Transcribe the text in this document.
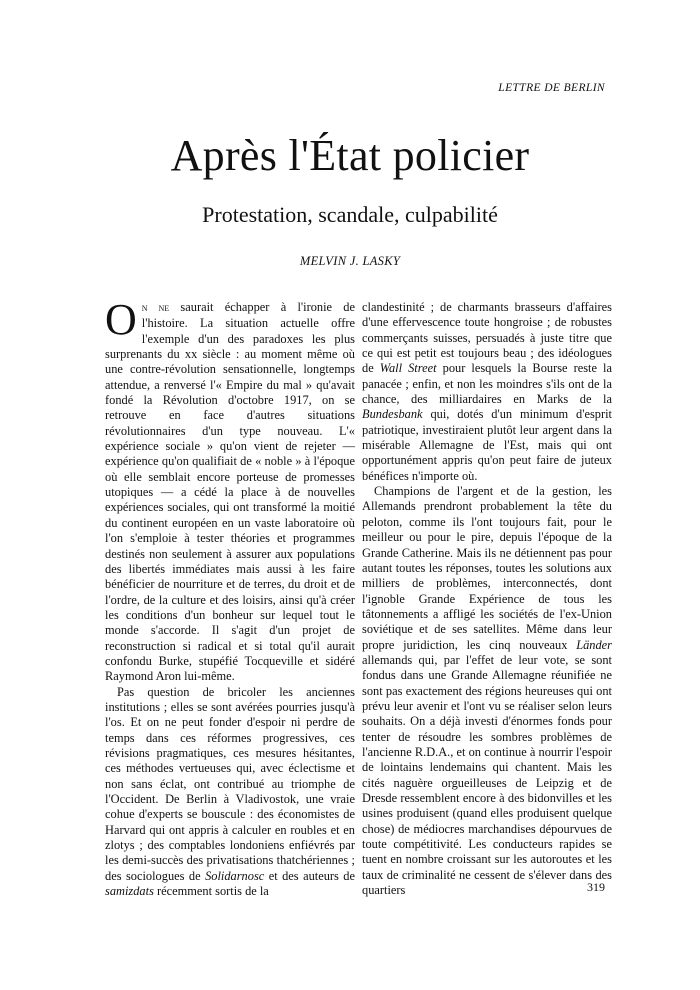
LETTRE DE BERLIN
Après l'État policier
Protestation, scandale, culpabilité
MELVIN J. LASKY

On ne saurait échapper à l'ironie de l'histoire. La situation actuelle offre l'exemple d'un des paradoxes les plus surprenants du xx siècle : au moment même où une contre-révolution sensationnelle, longtemps attendue, a renversé l'« Empire du mal » qu'avait fondé la Révolution d'octobre 1917, on se retrouve en face d'autres situations révolutionnaires d'un type nouveau. L'« expérience sociale » qu'on vient de rejeter — expérience qu'on qualifiait de « noble » à l'époque où elle semblait encore porteuse de promesses utopiques — a cédé la place à de nouvelles expériences sociales, qui ont transformé la moitié du continent européen en un vaste laboratoire où l'on s'emploie à tester théories et programmes destinés non seulement à assurer aux populations des libertés immédiates mais aussi à les faire bénéficier de nourriture et de terres, du droit et de l'ordre, de la culture et des loisirs, ainsi qu'à créer les conditions d'un bonheur sur lequel tout le monde s'accorde. Il s'agit d'un projet de reconstruction si radical et si total qu'il aurait confondu Burke, stupéfié Tocqueville et sidéré Raymond Aron lui-même.

Pas question de bricoler les anciennes institutions ; elles se sont avérées pourries jusqu'à l'os. Et on ne peut fonder d'espoir ni perdre de temps dans ces réformes progressives, ces révisions pragmatiques, ces mesures hésitantes, ces méthodes vertueuses qui, avec éclectisme et non sans éclat, ont contribué au triomphe de l'Occident. De Berlin à Vladivostok, une vraie cohue d'experts se bouscule : des économistes de Harvard qui ont appris à calculer en roubles et en zlotys ; des comptables londoniens enfiévrés par les demi-succès des privatisations thatchériennes ; des sociologues de Solidarnosc et des auteurs de samizdats récemment sortis de la

clandestinité ; de charmants brasseurs d'affaires d'une effervescence toute hongroise ; de robustes commerçants suisses, persuadés à juste titre que ce qui est petit est toujours beau ; des idéologues de Wall Street pour lesquels la Bourse reste la panacée ; enfin, et non les moindres s'ils ont de la chance, des milliardaires en Marks de la Bundesbank qui, dotés d'un minimum d'esprit patriotique, investiraient plutôt leur argent dans la misérable Allemagne de l'Est, mais qui ont opportunément appris qu'on peut faire de juteux bénéfices n'importe où.

Champions de l'argent et de la gestion, les Allemands prendront probablement la tête du peloton, comme ils l'ont toujours fait, pour le meilleur ou pour le pire, depuis l'époque de la Grande Catherine. Mais ils ne détiennent pas pour autant toutes les réponses, toutes les solutions aux milliers de problèmes, interconnectés, dont l'ignoble Grande Expérience de tous les tâtonnements a affligé les sociétés de l'ex-Union soviétique et de ses satellites. Même dans leur propre juridiction, les cinq nouveaux Länder allemands qui, par l'effet de leur vote, se sont fondus dans une Grande Allemagne réunifiée ne sont pas exactement des régions heureuses qui ont prévu leur avenir et l'ont vu se réaliser selon leurs souhaits. On a déjà investi d'énormes fonds pour tenter de résoudre les sombres problèmes de l'ancienne R.D.A., et on continue à nourrir l'espoir de lointains lendemains qui chantent. Mais les cités naguère orgueilleuses de Leipzig et de Dresde ressemblent encore à des bidonvilles et les usines produisent (quand elles produisent quelque chose) de médiocres marchandises dépourvues de toute compétitivité. Les conducteurs rapides se tuent en nombre croissant sur les autoroutes et les taux de criminalité ne cessent de s'élever dans des quartiers	319
